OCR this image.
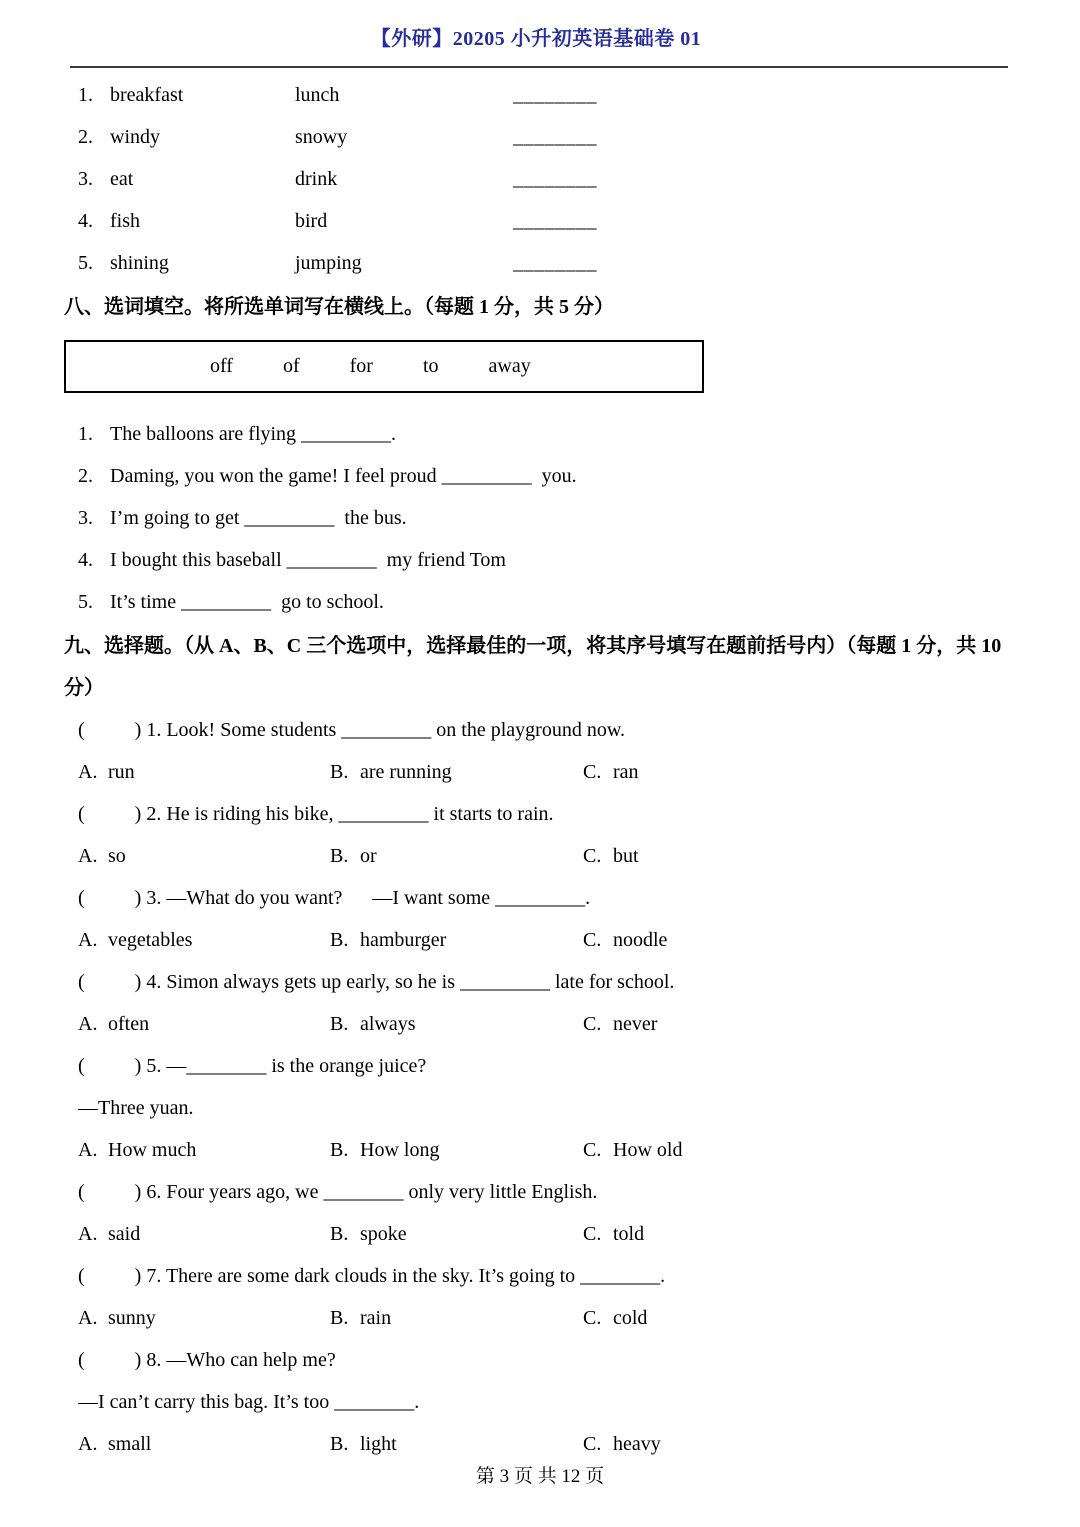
【外研】20205 小升初英语基础卷 01
1. breakfast	lunch	________
2. windy	snowy	________
3. eat	drink	________
4. fish	bird	________
5. shining	jumping	________
八、选词填空。将所选单词写在横线上。（每题 1 分，共 5 分）
off	of	for	to	away
1. The balloons are flying _________.
2. Daming, you won the game! I feel proud _________  you.
3. I’m going to get _________  the bus.
4. I bought this baseball _________  my friend Tom
5. It’s time _________  go to school.
九、选择题。（从 A、B、C 三个选项中，选择最佳的一项，将其序号填写在题前括号内）（每题 1 分，共 10 分）
(          ) 1. Look! Some students _________ on the playground now.
A. run	B. are running	C. ran
(          ) 2. He is riding his bike, _________ it starts to rain.
A. so	B. or	C. but
(          ) 3. —What do you want?      —I want some _________.
A. vegetables	B. hamburger	C. noodle
(          ) 4. Simon always gets up early, so he is _________ late for school.
A. often	B. always	C. never
(          ) 5. —________ is the orange juice?
—Three yuan.
A. How much	B. How long	C. How old
(          ) 6. Four years ago, we ________ only very little English.
A. said	B. spoke	C. told
(          ) 7. There are some dark clouds in the sky. It’s going to ________.
A. sunny	B. rain	C. cold
(          ) 8. —Who can help me?
—I can’t carry this bag. It’s too ________.
A. small	B. light	C. heavy
第 3 页 共 12 页
